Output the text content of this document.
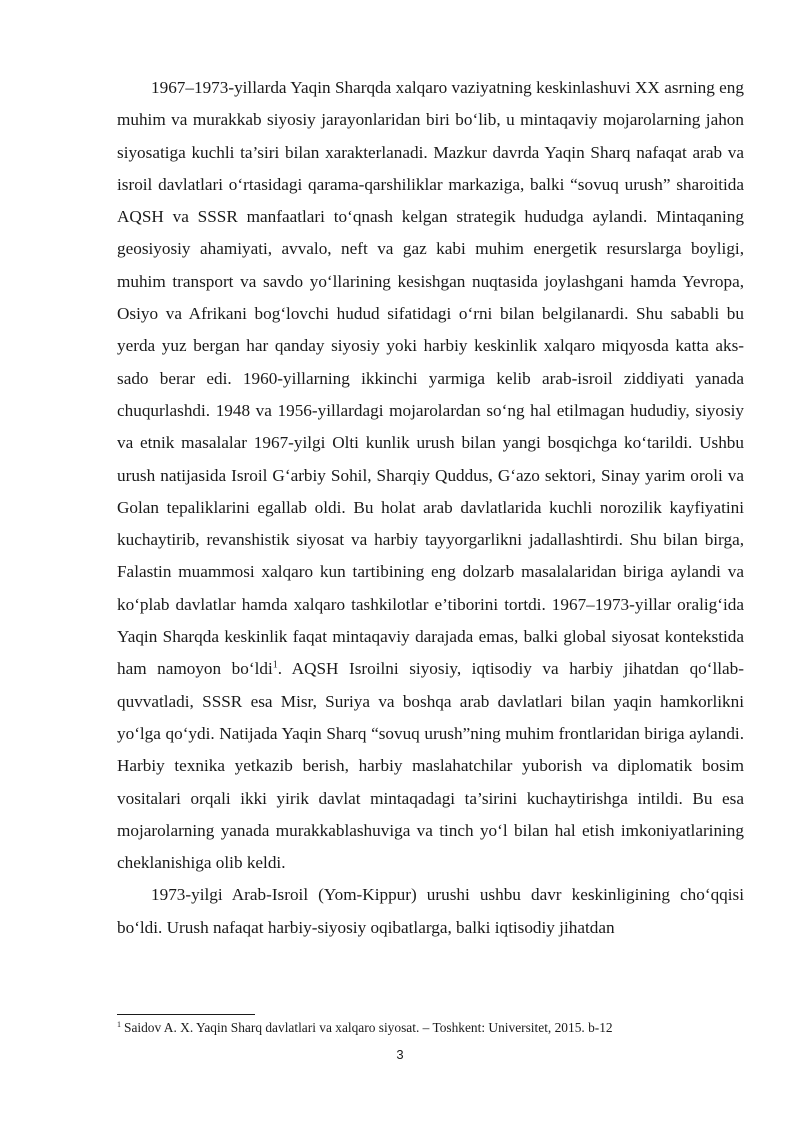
1967–1973-yillarda Yaqin Sharqda xalqaro vaziyatning keskinlashuvi XX asrning eng muhim va murakkab siyosiy jarayonlaridan biri bo‘lib, u mintaqaviy mojarolarning jahon siyosatiga kuchli ta’siri bilan xarakterlanadi. Mazkur davrda Yaqin Sharq nafaqat arab va isroil davlatlari o‘rtasidagi qarama-qarshiliklar markaziga, balki “sovuq urush” sharoitida AQSH va SSSR manfaatlari to‘qnash kelgan strategik hududga aylandi. Mintaqaning geosiyosiy ahamiyati, avvalo, neft va gaz kabi muhim energetik resurslarga boyligi, muhim transport va savdo yo‘llarining kesishgan nuqtasida joylashgani hamda Yevropa, Osiyo va Afrikani bog‘lovchi hudud sifatidagi o‘rni bilan belgilanardi. Shu sababli bu yerda yuz bergan har qanday siyosiy yoki harbiy keskinlik xalqaro miqyosda katta aks-sado berar edi. 1960-yillarning ikkinchi yarmiga kelib arab-isroil ziddiyati yanada chuqurlashdi. 1948 va 1956-yillardagi mojarolardan so‘ng hal etilmagan hududiy, siyosiy va etnik masalalar 1967-yilgi Olti kunlik urush bilan yangi bosqichga ko‘tarildi. Ushbu urush natijasida Isroil G‘arbiy Sohil, Sharqiy Quddus, G‘azo sektori, Sinay yarim oroli va Golan tepaliklarini egallab oldi. Bu holat arab davlatlarida kuchli norozilik kayfiyatini kuchaytirib, revanshistik siyosat va harbiy tayyorgarlikni jadallashtirdi. Shu bilan birga, Falastin muammosi xalqaro kun tartibining eng dolzarb masalalaridan biriga aylandi va ko‘plab davlatlar hamda xalqaro tashkilotlar e’tiborini tortdi. 1967–1973-yillar oralig‘ida Yaqin Sharqda keskinlik faqat mintaqaviy darajada emas, balki global siyosat kontekstida ham namoyon bo‘ldi$^1$. AQSH Isroilni siyosiy, iqtisodiy va harbiy jihatdan qo‘llab-quvvatladi, SSSR esa Misr, Suriya va boshqa arab davlatlari bilan yaqin hamkorlikni yo‘lga qo‘ydi. Natijada Yaqin Sharq “sovuq urush”ning muhim frontlaridan biriga aylandi. Harbiy texnika yetkazib berish, harbiy maslahatchilar yuborish va diplomatik bosim vositalari orqali ikki yirik davlat mintaqadagi ta’sirini kuchaytirishga intildi. Bu esa mojarolarning yanada murakkablashuviga va tinch yo‘l bilan hal etish imkoniyatlarining cheklanishiga olib keldi.

1973-yilgi Arab-Isroil (Yom-Kippur) urushi ushbu davr keskinligining cho‘qqisi bo‘ldi. Urush nafaqat harbiy-siyosiy oqibatlarga, balki iqtisodiy jihatdan

$^1$ Saidov A. X. Yaqin Sharq davlatlari va xalqaro siyosat. – Toshkent: Universitet, 2015. b-12
3
